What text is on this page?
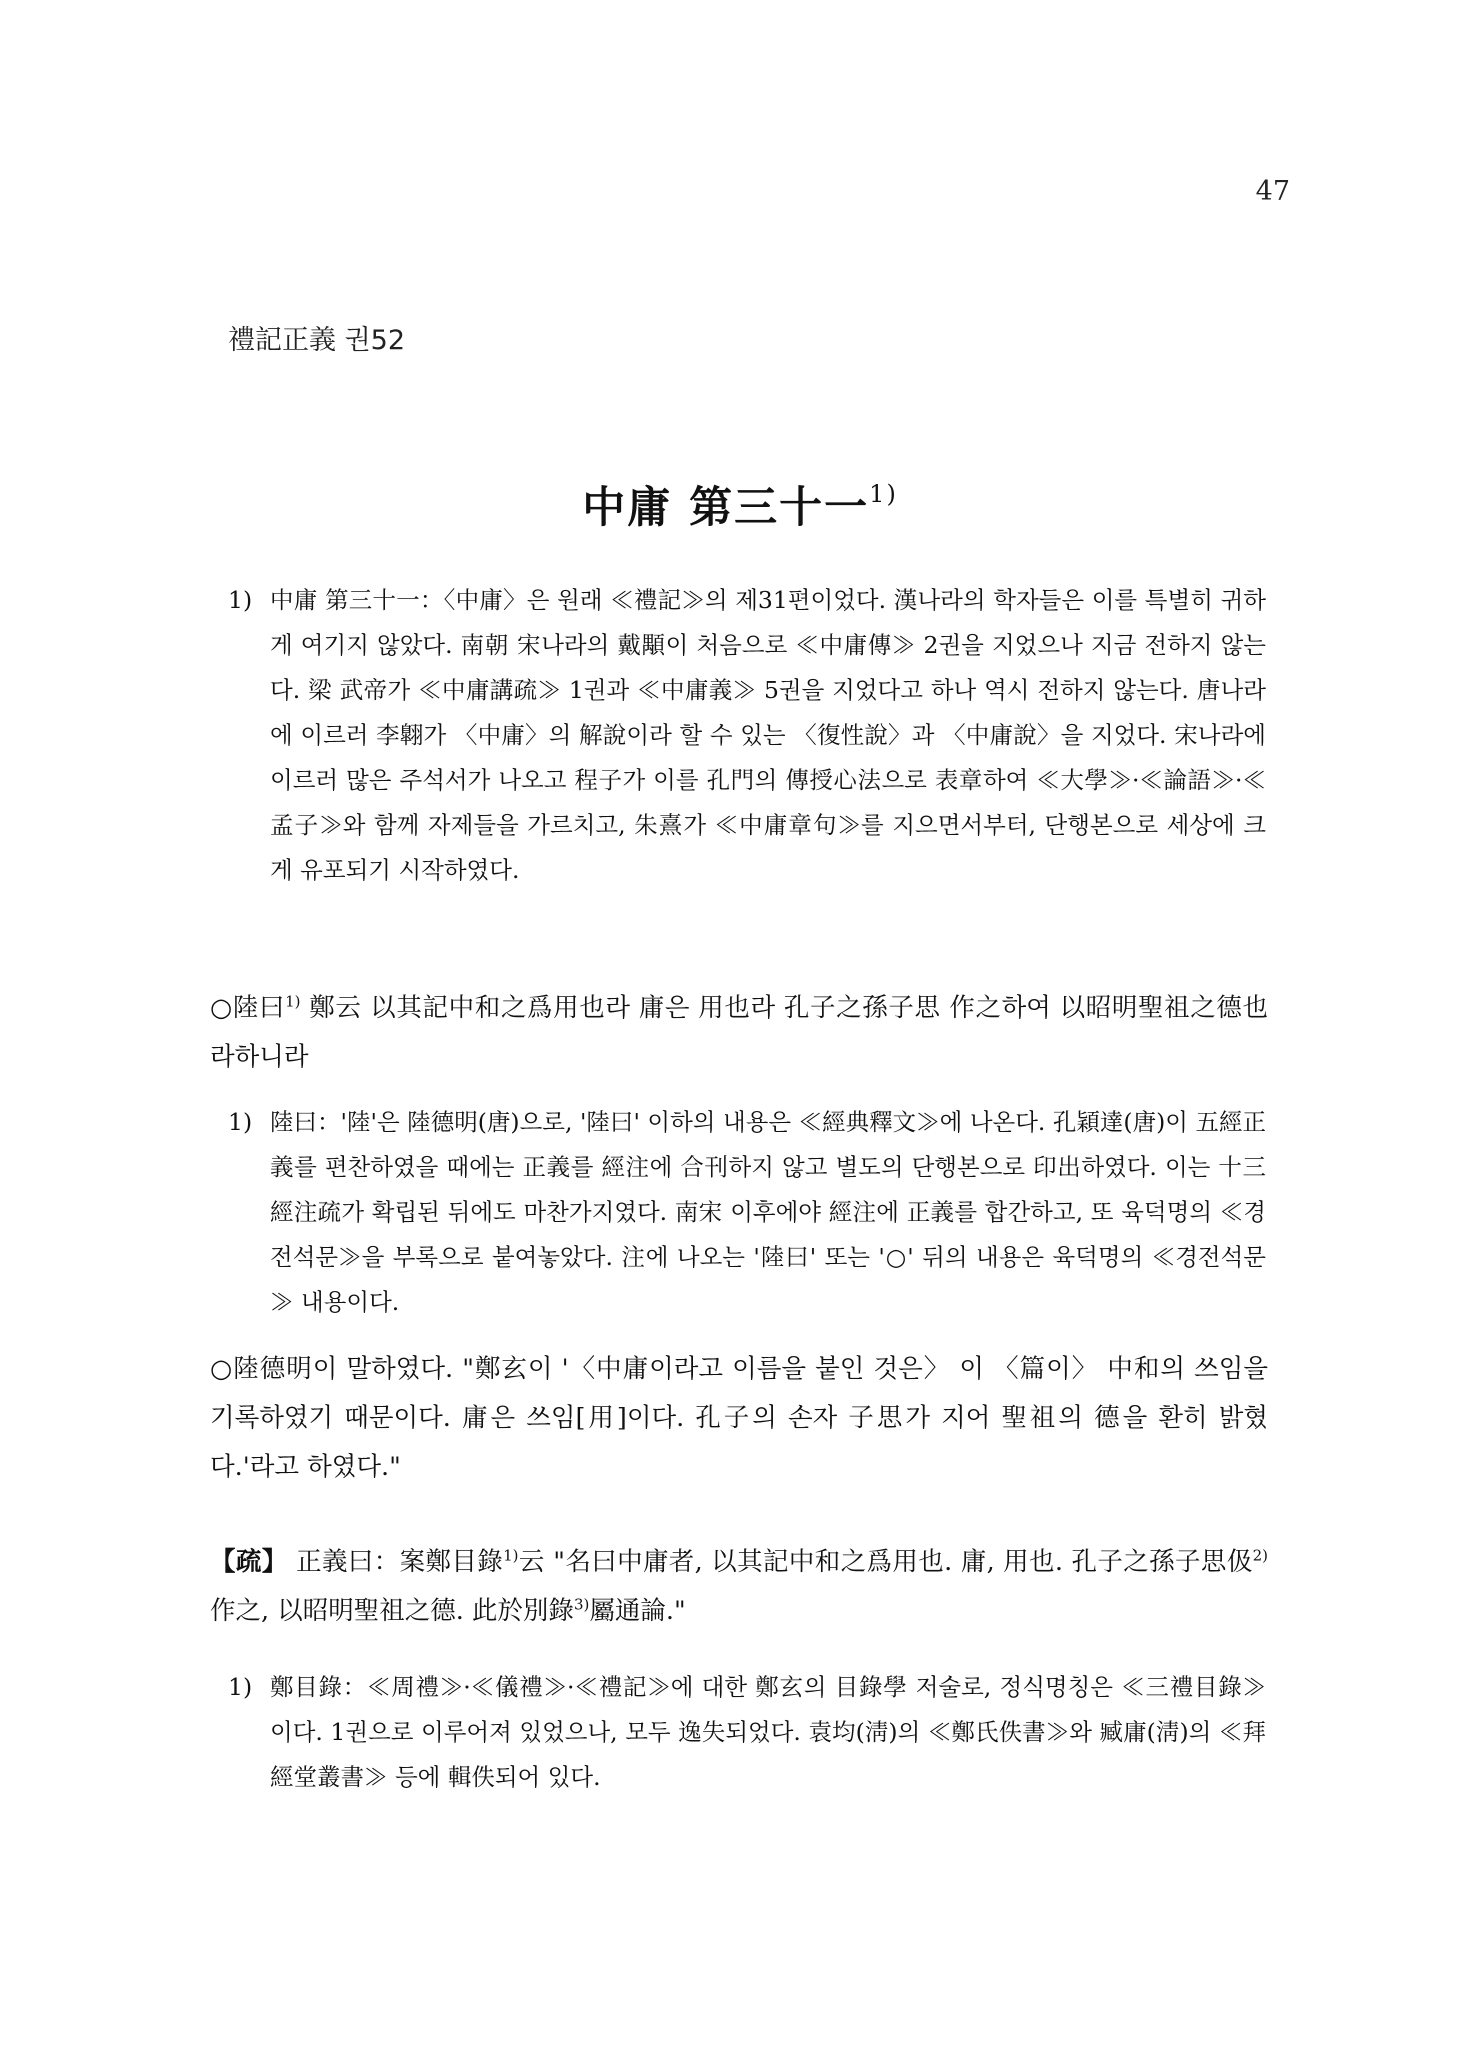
47
禮記正義 권52
中庸 第三十一$^{1)}$
1) 中庸 第三十一：〈中庸〉은 원래 ≪禮記≫의 제31편이었다. 漢나라의 학자들은 이를 특별히 귀하게 여기지 않았다. 南朝 宋나라의 戴顒이 처음으로 ≪中庸傳≫ 2권을 지었으나 지금 전하지 않는다. 梁 武帝가 ≪中庸講疏≫ 1권과 ≪中庸義≫ 5권을 지었다고 하나 역시 전하지 않는다. 唐나라에 이르러 李翺가 〈中庸〉의 解說이라 할 수 있는 〈復性說〉과 〈中庸說〉을 지었다. 宋나라에 이르러 많은 주석서가 나오고 程子가 이를 孔門의 傳授心法으로 表章하여 ≪大學≫·≪論語≫·≪孟子≫와 함께 자제들을 가르치고, 朱熹가 ≪中庸章句≫를 지으면서부터, 단행본으로 세상에 크게 유포되기 시작하였다.
○陸曰$^{1)}$ 鄭云 以其記中和之爲用也라 庸은 用也라 孔子之孫子思 作之하여 以昭明聖祖之德也라하니라
1) 陸曰：'陸'은 陸德明(唐)으로, '陸曰' 이하의 내용은 ≪經典釋文≫에 나온다. 孔穎達(唐)이 五經正義를 편찬하였을 때에는 正義를 經注에 合刊하지 않고 별도의 단행본으로 印出하였다. 이는 十三經注疏가 확립된 뒤에도 마찬가지였다. 南宋 이후에야 經注에 正義를 합간하고, 또 육덕명의 ≪경전석문≫을 부록으로 붙여놓았다. 注에 나오는 '陸曰' 또는 '○' 뒤의 내용은 육덕명의 ≪경전석문≫ 내용이다.
○陸德明이 말하였다. "鄭玄이 '〈中庸이라고 이름을 붙인 것은〉 이 〈篇이〉 中和의 쓰임을 기록하였기 때문이다. 庸은 쓰임[用]이다. 孔子의 손자 子思가 지어 聖祖의 德을 환히 밝혔다.'라고 하였다."
【疏】 正義曰：案鄭目錄$^{1)}$云 "名曰中庸者, 以其記中和之爲用也. 庸, 用也. 孔子之孫子思伋$^{2)}$作之, 以昭明聖祖之德. 此於別錄$^{3)}$屬通論."
1) 鄭目錄：≪周禮≫·≪儀禮≫·≪禮記≫에 대한 鄭玄의 目錄學 저술로, 정식명칭은 ≪三禮目錄≫이다. 1권으로 이루어져 있었으나, 모두 逸失되었다. 袁均(淸)의 ≪鄭氏佚書≫와 臧庸(淸)의 ≪拜經堂叢書≫ 등에 輯佚되어 있다.
